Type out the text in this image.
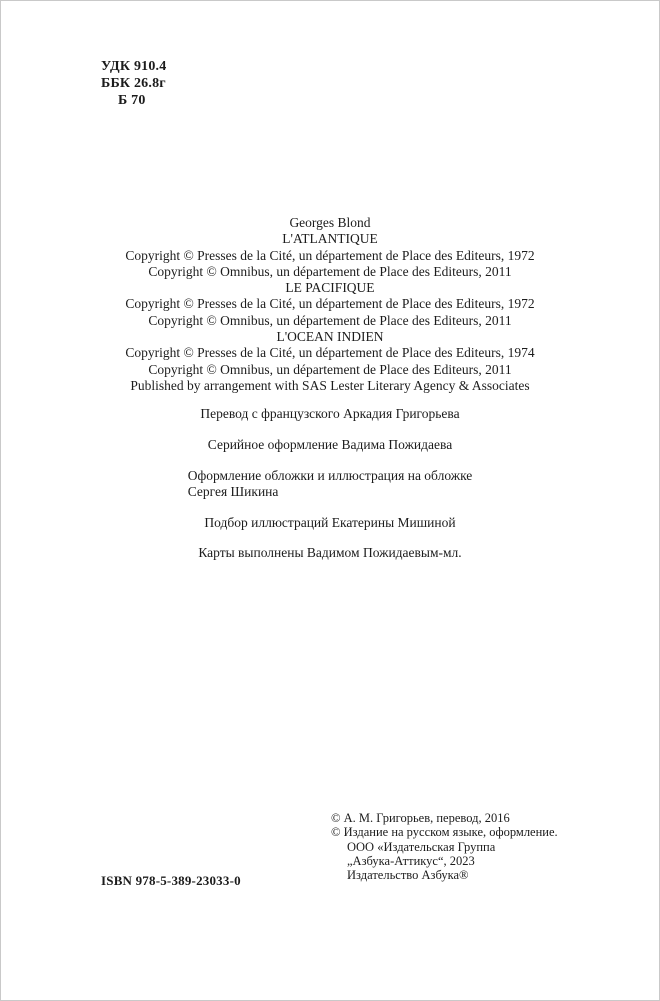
УДК 910.4
ББК 26.8г
Б 70
Georges Blond
L'ATLANTIQUE
Copyright © Presses de la Cité, un département de Place des Editeurs, 1972
Copyright © Omnibus, un département de Place des Editeurs, 2011
LE PACIFIQUE
Copyright © Presses de la Cité, un département de Place des Editeurs, 1972
Copyright © Omnibus, un département de Place des Editeurs, 2011
L'OCEAN INDIEN
Copyright © Presses de la Cité, un département de Place des Editeurs, 1974
Copyright © Omnibus, un département de Place des Editeurs, 2011
Published by arrangement with SAS Lester Literary Agency & Associates

Перевод с французского Аркадия Григорьева

Серийное оформление Вадима Пожидаева

Оформление обложки и иллюстрация на обложке
Сергея Шикина

Подбор иллюстраций Екатерины Мишиной

Карты выполнены Вадимом Пожидаевым-мл.

© А. М. Григорьев, перевод, 2016
© Издание на русском языке, оформление.
ООО «Издательская Группа
„Азбука-Аттикус“, 2023
Издательство Азбука®
ISBN 978-5-389-23033-0
